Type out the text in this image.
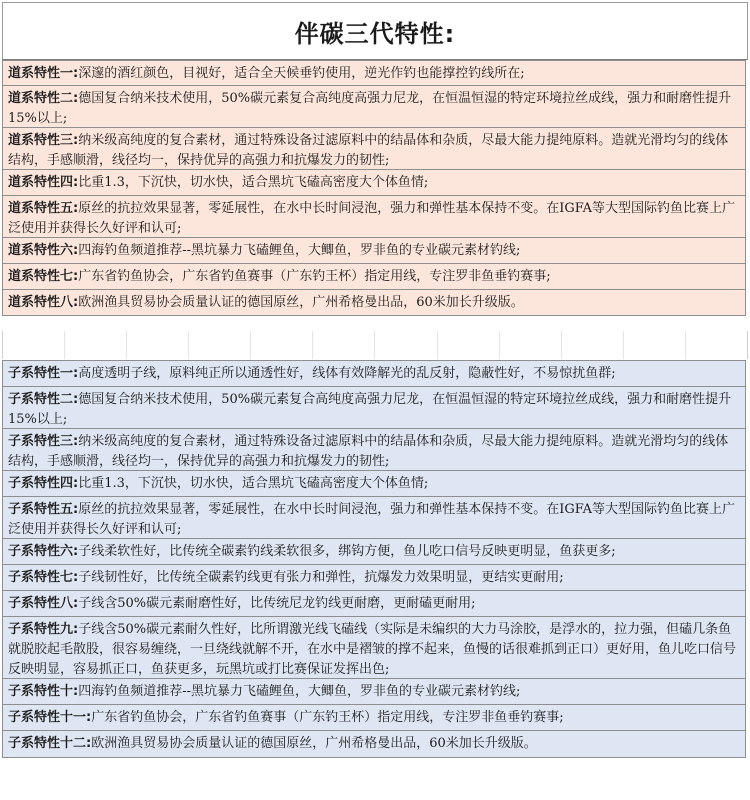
伴碳三代特性:
道系特性一:深邃的酒红颜色，目视好，适合全天候垂钓使用，逆光作钓也能撑控钓线所在;
道系特性二:德国复合纳米技术使用，50%碳元素复合高纯度高强力尼龙，在恒温恒湿的特定环境拉丝成线，强力和耐磨性提升15%以上;
道系特性三:纳米级高纯度的复合素材，通过特殊设备过滤原料中的结晶体和杂质，尽最大能力提纯原料。造就光滑均匀的线体结构，手感顺滑，线径均一，保持优异的高强力和抗爆发力的韧性;
道系特性四:比重1.3，下沉快，切水快，适合黑坑飞磕高密度大个体鱼情;
道系特性五:原丝的抗拉效果显著，零延展性，在水中长时间浸泡，强力和弹性基本保持不变。在IGFA等大型国际钓鱼比赛上广泛使用并获得长久好评和认可;
道系特性六:四海钓鱼频道推荐--黑坑暴力飞磕鲤鱼，大鲫鱼，罗非鱼的专业碳元素材钓线;
道系特性七:广东省钓鱼协会，广东省钓鱼赛事（广东钓王杯）指定用线，专注罗非鱼垂钓赛事;
道系特性八:欧洲渔具贸易协会质量认证的德国原丝，广州希格曼出品，60米加长升级版。
子系特性一:高度透明子线，原料纯正所以通透性好，线体有效降解光的乱反射，隐蔽性好，不易惊扰鱼群;
子系特性二:德国复合纳米技术使用，50%碳元素复合高纯度高强力尼龙，在恒温恒湿的特定环境拉丝成线，强力和耐磨性提升15%以上;
子系特性三:纳米级高纯度的复合素材，通过特殊设备过滤原料中的结晶体和杂质，尽最大能力提纯原料。造就光滑均匀的线体结构，手感顺滑，线径均一，保持优异的高强力和抗爆发力的韧性;
子系特性四:比重1.3，下沉快，切水快，适合黑坑飞磕高密度大个体鱼情;
子系特性五:原丝的抗拉效果显著，零延展性，在水中长时间浸泡，强力和弹性基本保持不变。在IGFA等大型国际钓鱼比赛上广泛使用并获得长久好评和认可;
子系特性六:子线柔软性好，比传统全碳素钓线柔软很多，绑钩方便，鱼儿吃口信号反映更明显，鱼获更多;
子系特性七:子线韧性好，比传统全碳素钓线更有张力和弹性，抗爆发力效果明显，更结实更耐用;
子系特性八:子线含50%碳元素耐磨性好，比传统尼龙钓线更耐磨，更耐磕更耐用;
子系特性九:子线含50%碳元素耐久性好，比所谓激光线飞磕线（实际是未编织的大力马涂胶，是浮水的，拉力强，但磕几条鱼就脱胶起毛散股，很容易缠绕，一旦绕线就解不开，在水中是褶皱的撑不起来，鱼慢的话很难抓到正口）更好用，鱼儿吃口信号反映明显，容易抓正口，鱼获更多，玩黑坑或打比赛保证发挥出色;
子系特性十:四海钓鱼频道推荐--黑坑暴力飞磕鲤鱼，大鲫鱼，罗非鱼的专业碳元素材钓线;
子系特性十一:广东省钓鱼协会，广东省钓鱼赛事（广东钓王杯）指定用线，专注罗非鱼垂钓赛事;
子系特性十二:欧洲渔具贸易协会质量认证的德国原丝，广州希格曼出品，60米加长升级版。
